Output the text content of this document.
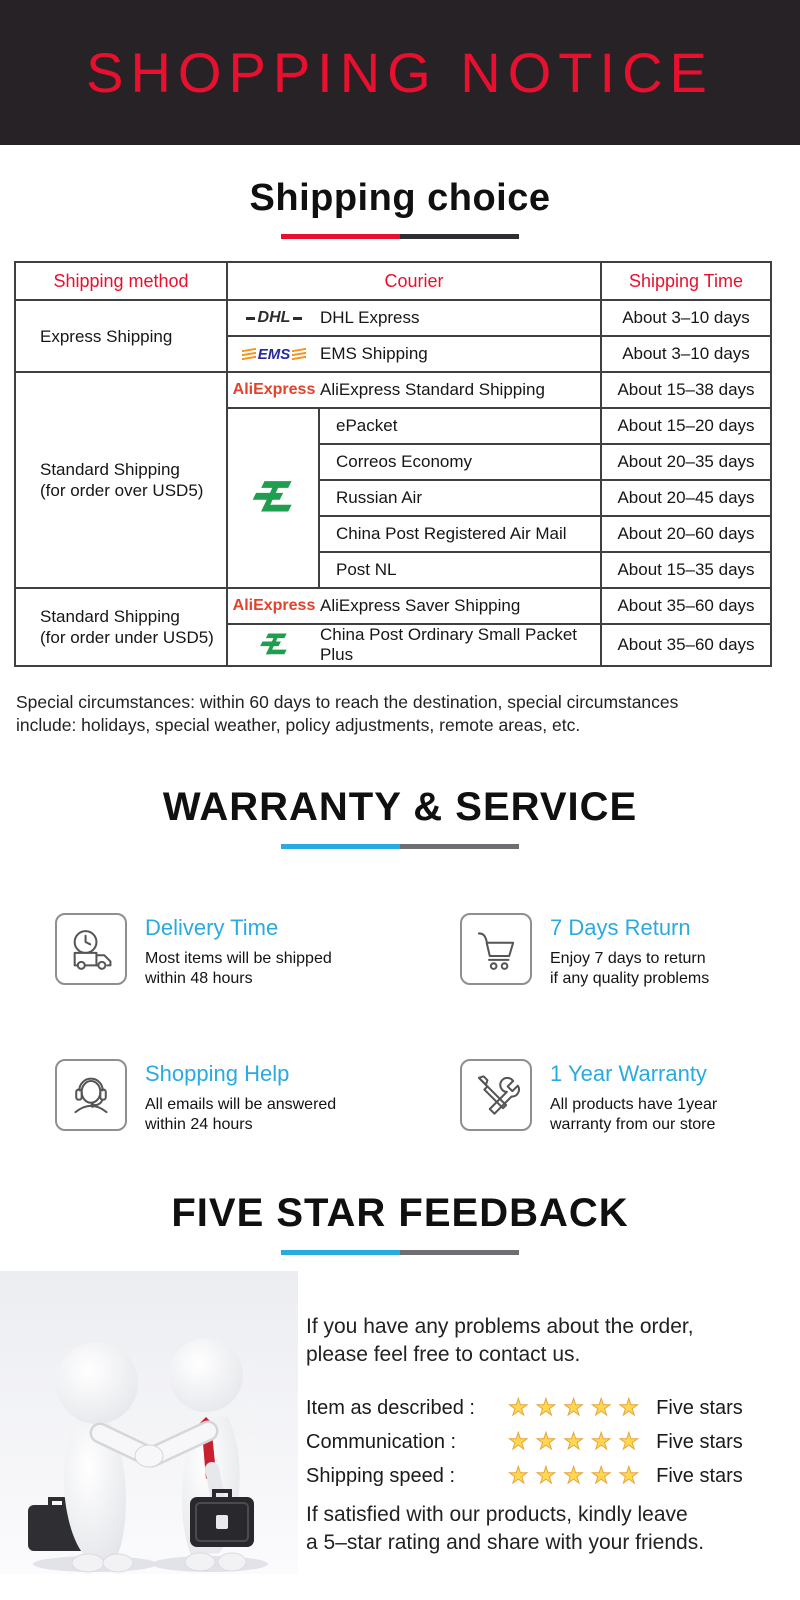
SHOPPING NOTICE
Shipping choice
Shipping method	Courier		Shipping Time
Express Shipping	DHL DHL Express		About 3–10 days

	EMS EMS Shipping		About 3–10 days
Standard Shipping
(for order over USD5)	AliExpress AliExpress Standard Shipping		About 15–38 days

	ePacket	About 15–20 days
		Correos Economy	About 20–35 days
		Russian Air	About 20–45 days
		China Post Registered Air Mail	About 20–60 days
		Post NL	About 15–35 days
Standard Shipping
(for order under USD5)	AliExpress AliExpress Saver Shipping		About 35–60 days

	China Post Ordinary Small Packet Plus		About 35–60 days

Special circumstances: within 60 days to reach the destination, special circumstances
include: holidays, special weather, policy adjustments, remote areas, etc.

WARRANTY & SERVICE
Delivery Time
Most items will be shipped
within 48 hours
7 Days Return
Enjoy 7 days to return
if any quality problems
Shopping Help
All emails will be answered
within 24 hours
1 Year Warranty
All products have 1year
warranty from our store
FIVE STAR FEEDBACK
If you have any problems about the order,
please feel free to contact us.
Item as described :	★★★★★ Five stars
Communication :	★★★★★ Five stars
Shipping speed :	★★★★★ Five stars
If satisfied with our products, kindly leave
a 5–star rating and share with your friends.
